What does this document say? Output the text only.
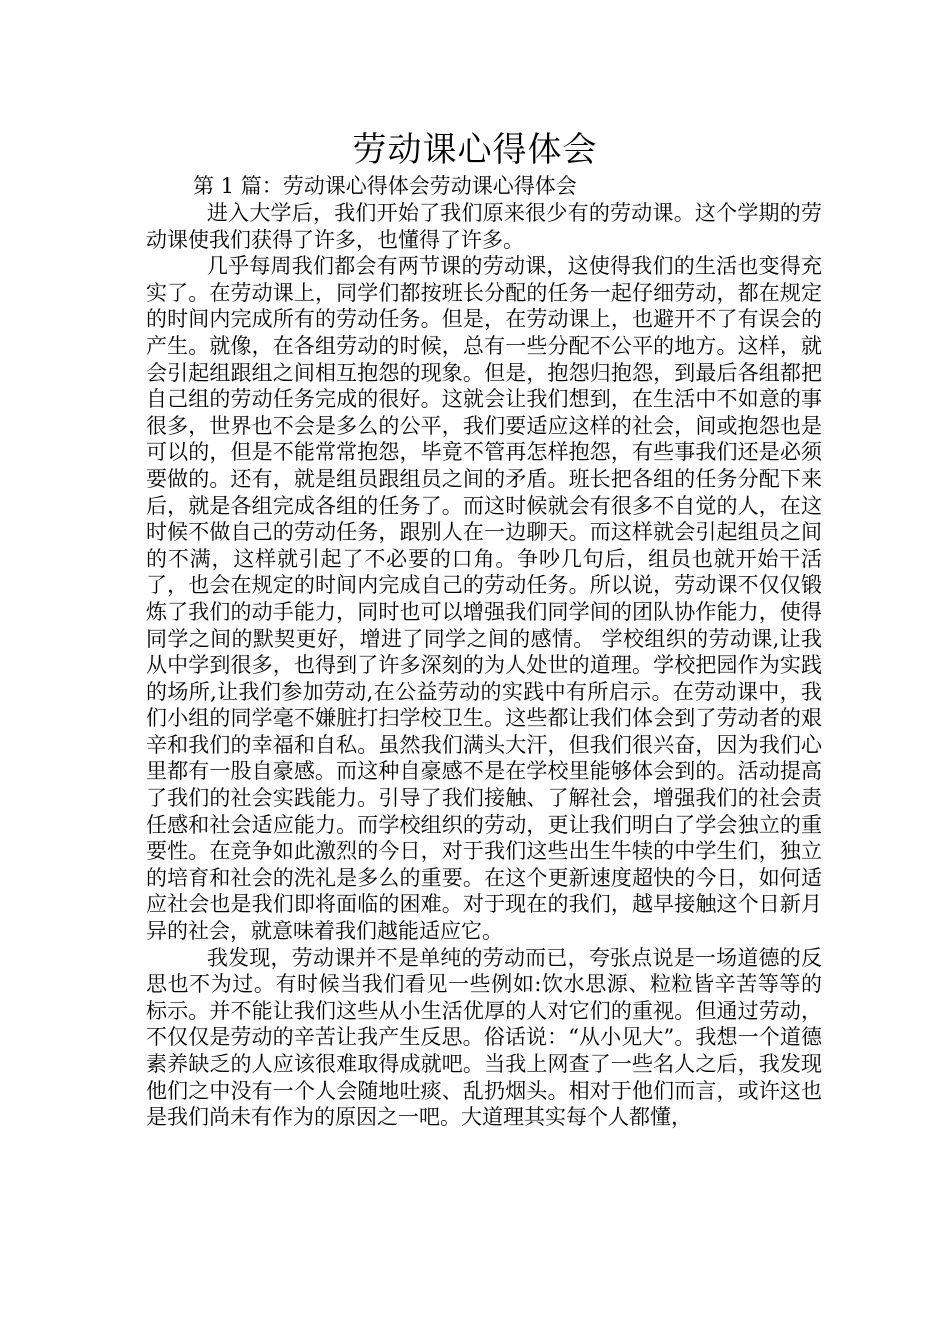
劳动课心得体会
第 1 篇：劳动课心得体会劳动课心得体会

进入大学后，我们开始了我们原来很少有的劳动课。这个学期的劳动课使我们获得了许多，也懂得了许多。

几乎每周我们都会有两节课的劳动课，这使得我们的生活也变得充实了。在劳动课上，同学们都按班长分配的任务一起仔细劳动，都在规定的时间内完成所有的劳动任务。但是，在劳动课上，也避开不了有误会的产生。就像，在各组劳动的时候，总有一些分配不公平的地方。这样，就会引起组跟组之间相互抱怨的现象。但是，抱怨归抱怨，到最后各组都把自己组的劳动任务完成的很好。这就会让我们想到，在生活中不如意的事很多，世界也不会是多么的公平，我们要适应这样的社会，间或抱怨也是可以的，但是不能常常抱怨，毕竟不管再怎样抱怨，有些事我们还是必须要做的。还有，就是组员跟组员之间的矛盾。班长把各组的任务分配下来后，就是各组完成各组的任务了。而这时候就会有很多不自觉的人，在这时候不做自己的劳动任务，跟别人在一边聊天。而这样就会引起组员之间的不满，这样就引起了不必要的口角。争吵几句后，组员也就开始干活了，也会在规定的时间内完成自己的劳动任务。所以说，劳动课不仅仅锻炼了我们的动手能力，同时也可以增强我们同学间的团队协作能力，使得同学之间的默契更好，增进了同学之间的感情。 学校组织的劳动课,让我从中学到很多，也得到了许多深刻的为人处世的道理。学校把园作为实践的场所,让我们参加劳动,在公益劳动的实践中有所启示。在劳动课中，我们小组的同学毫不嫌脏打扫学校卫生。这些都让我们体会到了劳动者的艰辛和我们的幸福和自私。虽然我们满头大汗，但我们很兴奋，因为我们心里都有一股自豪感。而这种自豪感不是在学校里能够体会到的。活动提高了我们的社会实践能力。引导了我们接触、了解社会，增强我们的社会责任感和社会适应能力。而学校组织的劳动，更让我们明白了学会独立的重要性。在竞争如此激烈的今日，对于我们这些出生牛犊的中学生们，独立的培育和社会的洗礼是多么的重要。在这个更新速度超快的今日，如何适应社会也是我们即将面临的困难。对于现在的我们，越早接触这个日新月异的社会，就意味着我们越能适应它。

我发现，劳动课并不是单纯的劳动而已，夸张点说是一场道德的反思也不为过。有时候当我们看见一些例如:饮水思源、粒粒皆辛苦等等的标示。并不能让我们这些从小生活优厚的人对它们的重视。但通过劳动，不仅仅是劳动的辛苦让我产生反思。俗话说：“从小见大”。我想一个道德素养缺乏的人应该很难取得成就吧。当我上网查了一些名人之后，我发现他们之中没有一个人会随地吐痰、乱扔烟头。相对于他们而言，或许这也是我们尚未有作为的原因之一吧。大道理其实每个人都懂，
